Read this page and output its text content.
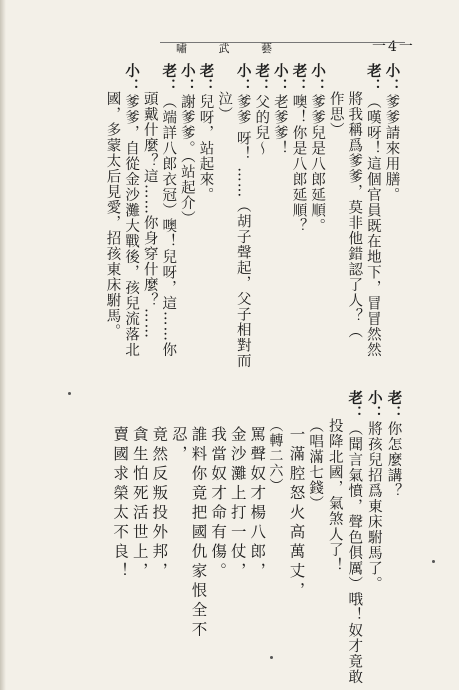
嘯 武 藝	一4一
小：爹爹請來用膳。
老：（嘆呀！這個官員既在地下，冒冒然然
將我稱爲爹爹，莫非他錯認了人？（
作思）
小：爹爹兒是八郎延順。
老：噢！你是八郎延順？
小：老爹爹！
老：父的兒～
小：爹爹 呀！ ……（胡子聲起，父子相對而
泣）
老：兒呀，站起來。
小：謝爹爹。（站起介）
老：（端詳八郎衣冠）噢！兒呀，這……你
頭戴什麼？這……你身穿什麼？……
小：爹爹，自從金沙灘大戰後，孩兒流落北
國，多蒙太后見愛，招孩東床駙馬。
老：你怎麼講？
小：將孩兒招爲東床駙馬了。
老：（聞言氣憤，聲色俱厲）哦！奴才竟敢
投降北國，氣煞人了！
（唱滿七錢）
一滿腔怒火高萬丈，
（轉二六）
罵聲奴才楊八郎，
金沙灘上打一仗，
我當奴才命有傷。
誰料你竟把國仇家恨全不
忍，
竟然反叛投外邦，
貪生怕死活世上，
賣國求榮太不良！
